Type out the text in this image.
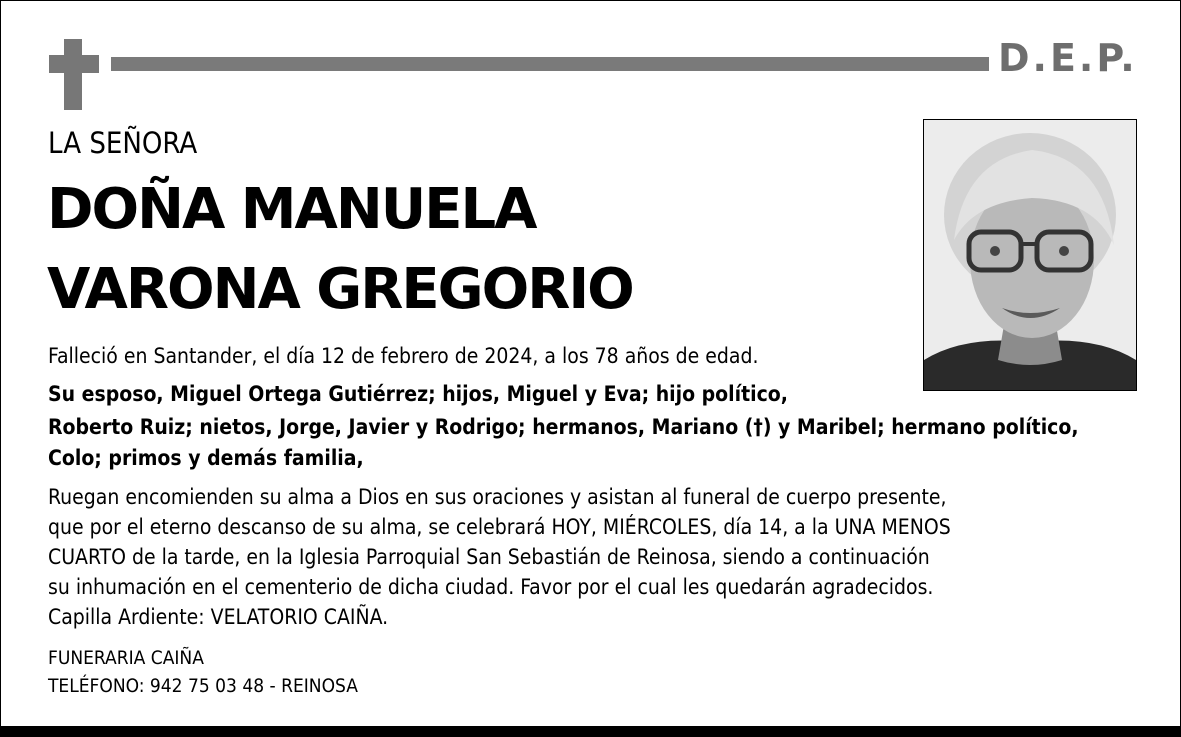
D.E.P.
LA SEÑORA
DOÑA MANUELA
VARONA GREGORIO
Falleció en Santander, el día 12 de febrero de 2024, a los 78 años de edad.
Su esposo, Miguel Ortega Gutiérrez; hijos, Miguel y Eva; hijo político,
Roberto Ruiz; nietos, Jorge, Javier y Rodrigo; hermanos, Mariano (†) y Maribel; hermano político,
Colo; primos y demás familia,
Ruegan encomienden su alma a Dios en sus oraciones y asistan al funeral de cuerpo presente,
que por el eterno descanso de su alma, se celebrará HOY, MIÉRCOLES, día 14, a la UNA MENOS
CUARTO de la tarde, en la Iglesia Parroquial San Sebastián de Reinosa, siendo a continuación
su inhumación en el cementerio de dicha ciudad. Favor por el cual les quedarán agradecidos.
Capilla Ardiente: VELATORIO CAIÑA.
FUNERARIA CAIÑA
TELÉFONO: 942 75 03 48 - REINOSA
